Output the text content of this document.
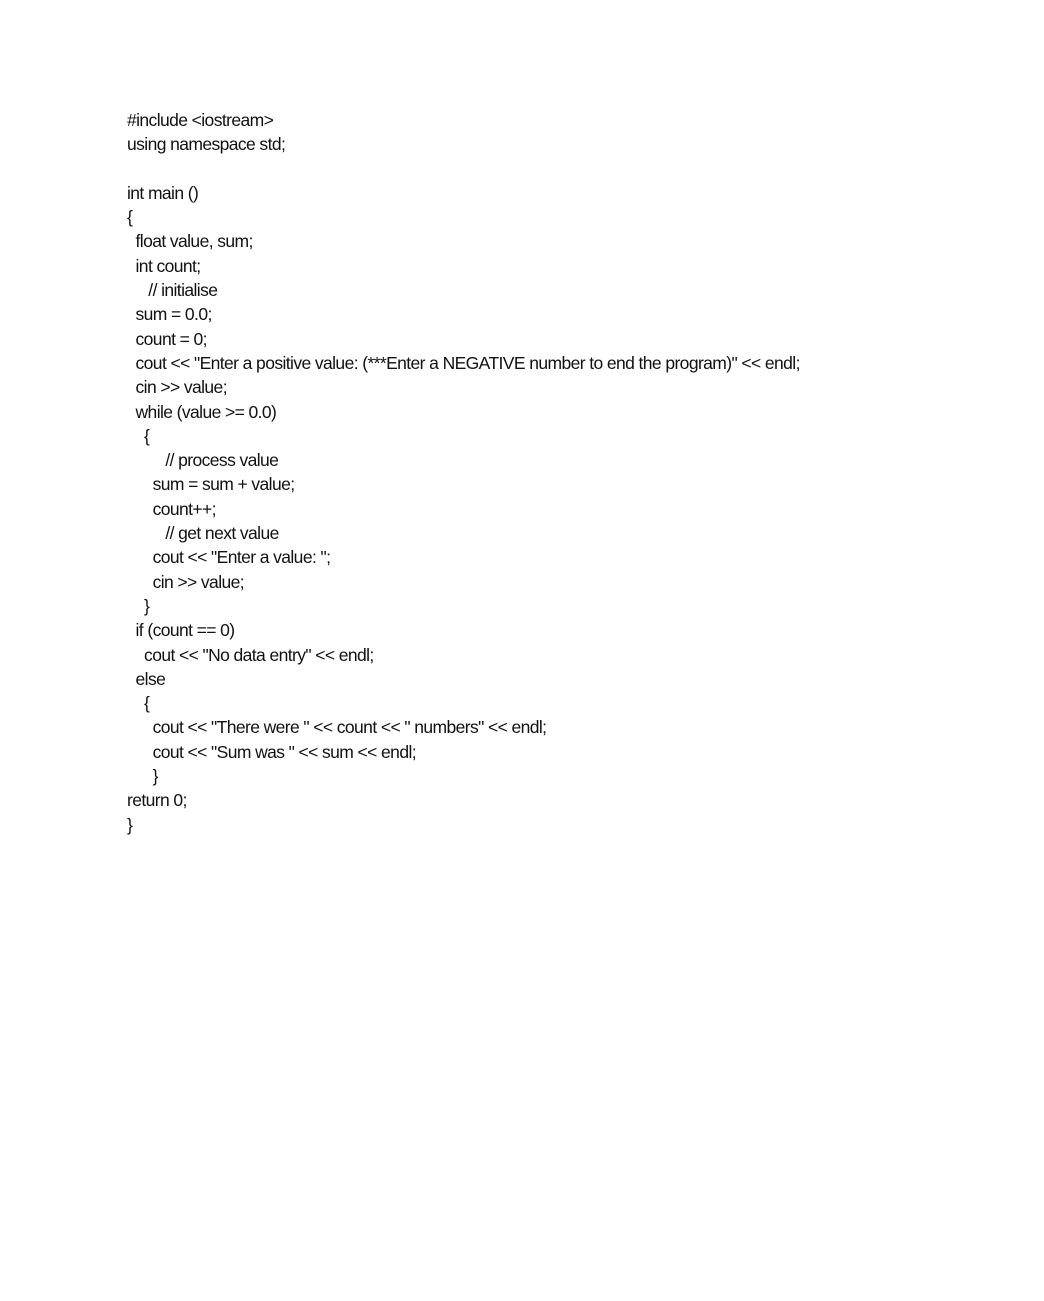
#include <iostream>
using namespace std;
int main ()
{
float value, sum;
int count;
// initialise
sum = 0.0;
count = 0;
cout << "Enter a positive value: (***Enter a NEGATIVE number to end the program)" << endl;
cin >> value;
while (value >= 0.0)
{
// process value
sum = sum + value;
count++;
// get next value
cout << "Enter a value: ";
cin >> value;
}
if (count == 0)
cout << "No data entry" << endl;
else
{
cout << "There were " << count << " numbers" << endl;
cout << "Sum was " << sum << endl;
}
return 0;
}
